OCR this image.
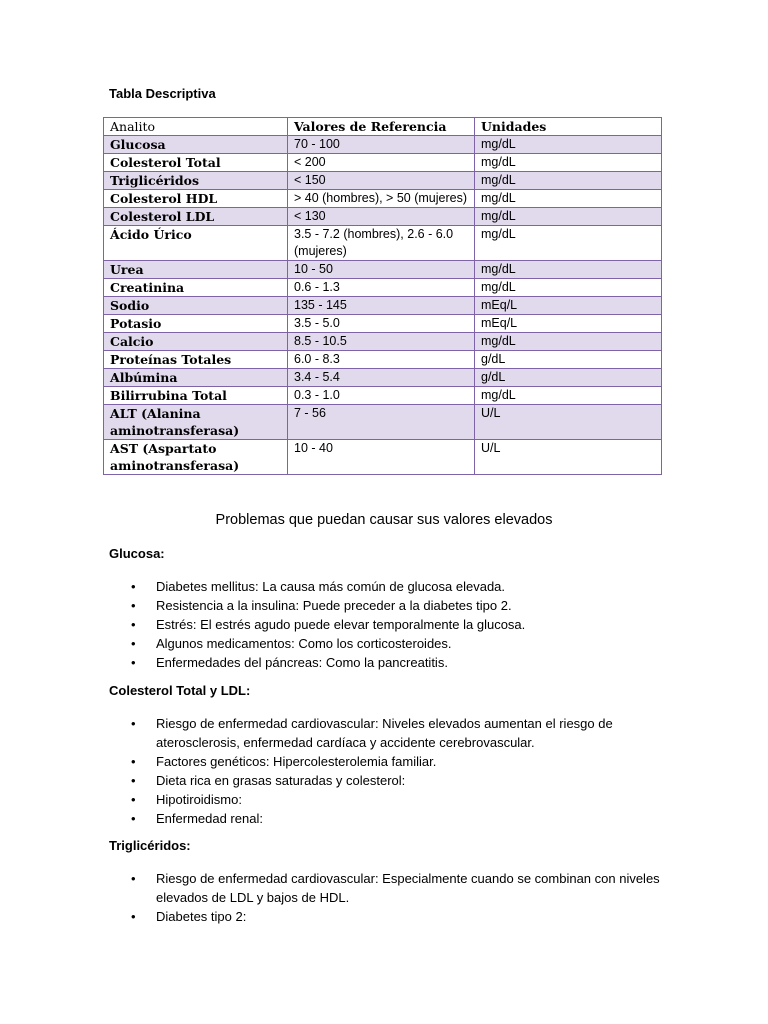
Tabla Descriptiva
Analito	Valores de Referencia	Unidades
Glucosa	70 - 100	mg/dL
Colesterol Total	< 200	mg/dL
Triglicéridos	< 150	mg/dL
Colesterol HDL	> 40 (hombres), > 50 (mujeres)	mg/dL
Colesterol LDL	< 130	mg/dL
Ácido Úrico	3.5 - 7.2 (hombres), 2.6 - 6.0 (mujeres)	mg/dL
Urea	10 - 50	mg/dL
Creatinina	0.6 - 1.3	mg/dL
Sodio	135 - 145	mEq/L
Potasio	3.5 - 5.0	mEq/L
Calcio	8.5 - 10.5	mg/dL
Proteínas Totales	6.0 - 8.3	g/dL
Albúmina	3.4 - 5.4	g/dL
Bilirrubina Total	0.3 - 1.0	mg/dL
ALT (Alanina aminotransferasa)	7 - 56	U/L
AST (Aspartato aminotransferasa)	10 - 40	U/L
Problemas que puedan causar sus valores elevados
Glucosa:
• Diabetes mellitus: La causa más común de glucosa elevada.
• Resistencia a la insulina: Puede preceder a la diabetes tipo 2.
• Estrés: El estrés agudo puede elevar temporalmente la glucosa.
• Algunos medicamentos: Como los corticosteroides.
• Enfermedades del páncreas: Como la pancreatitis.
Colesterol Total y LDL:
• Riesgo de enfermedad cardiovascular: Niveles elevados aumentan el riesgo de aterosclerosis, enfermedad cardíaca y accidente cerebrovascular.
• Factores genéticos: Hipercolesterolemia familiar.
• Dieta rica en grasas saturadas y colesterol:
• Hipotiroidismo:
• Enfermedad renal:
Triglicéridos:
• Riesgo de enfermedad cardiovascular: Especialmente cuando se combinan con niveles elevados de LDL y bajos de HDL.
• Diabetes tipo 2:
